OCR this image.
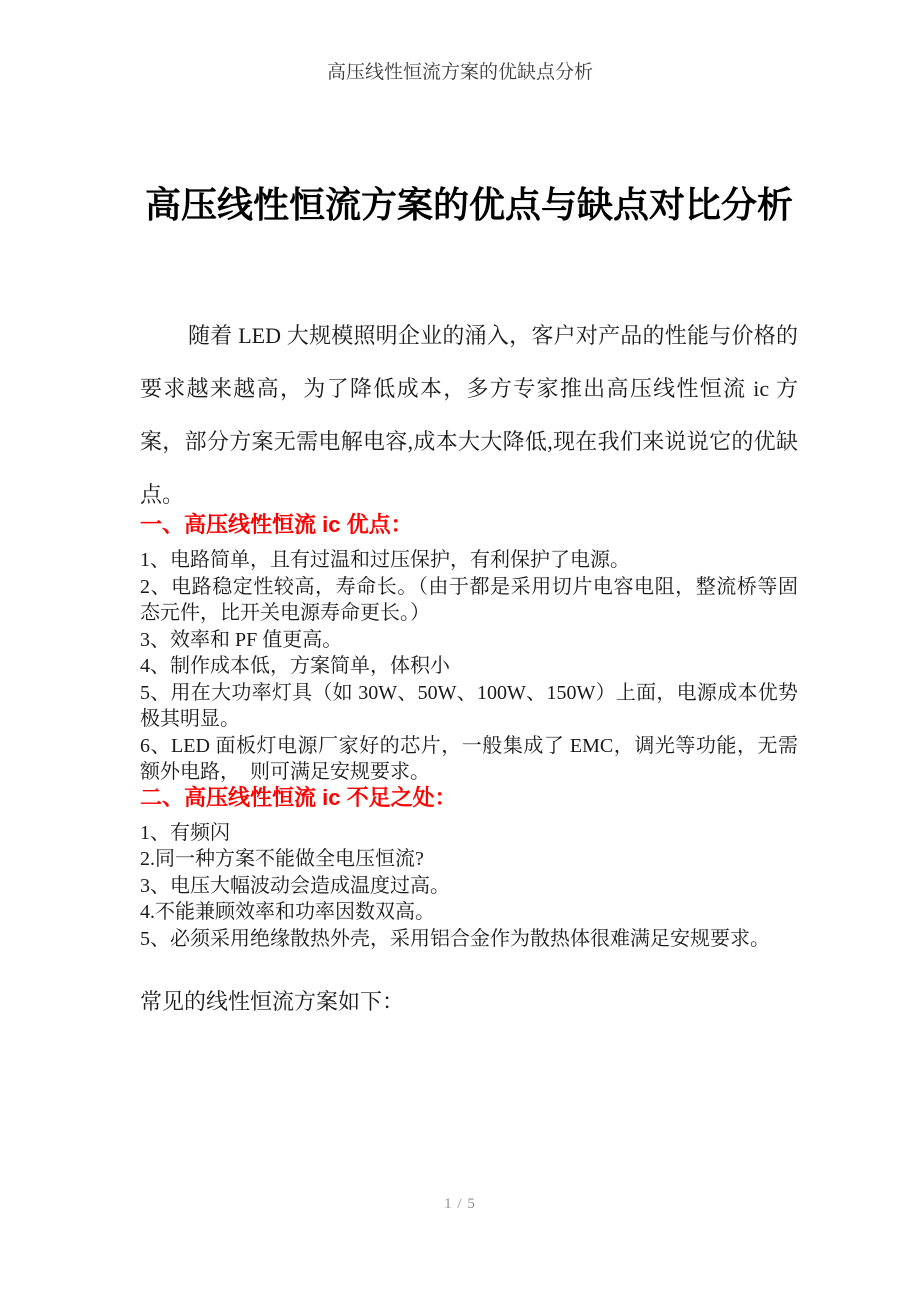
高压线性恒流方案的优缺点分析
高压线性恒流方案的优点与缺点对比分析

随着 LED 大规模照明企业的涌入，客户对产品的性能与价格的要求越来越高，为了降低成本，多方专家推出高压线性恒流 ic 方案，部分方案无需电解电容,成本大大降低,现在我们来说说它的优缺点。

一、高压线性恒流 ic 优点：

1、电路简单，且有过温和过压保护，有利保护了电源。

2、电路稳定性较高，寿命长。（由于都是采用切片电容电阻，整流桥等固态元件，比开关电源寿命更长。）

3、效率和 PF 值更高。

4、制作成本低，方案简单，体积小

5、用在大功率灯具（如 30W、50W、100W、150W）上面，电源成本优势极其明显。

6、LED 面板灯电源厂家好的芯片，一般集成了 EMC，调光等功能，无需额外电路，　则可满足安规要求。

二、高压线性恒流 ic 不足之处：

1、有频闪

2.同一种方案不能做全电压恒流?

3、电压大幅波动会造成温度过高。

4.不能兼顾效率和功率因数双高。

5、必须采用绝缘散热外壳，采用铝合金作为散热体很难满足安规要求。

常见的线性恒流方案如下：

1 / 5
